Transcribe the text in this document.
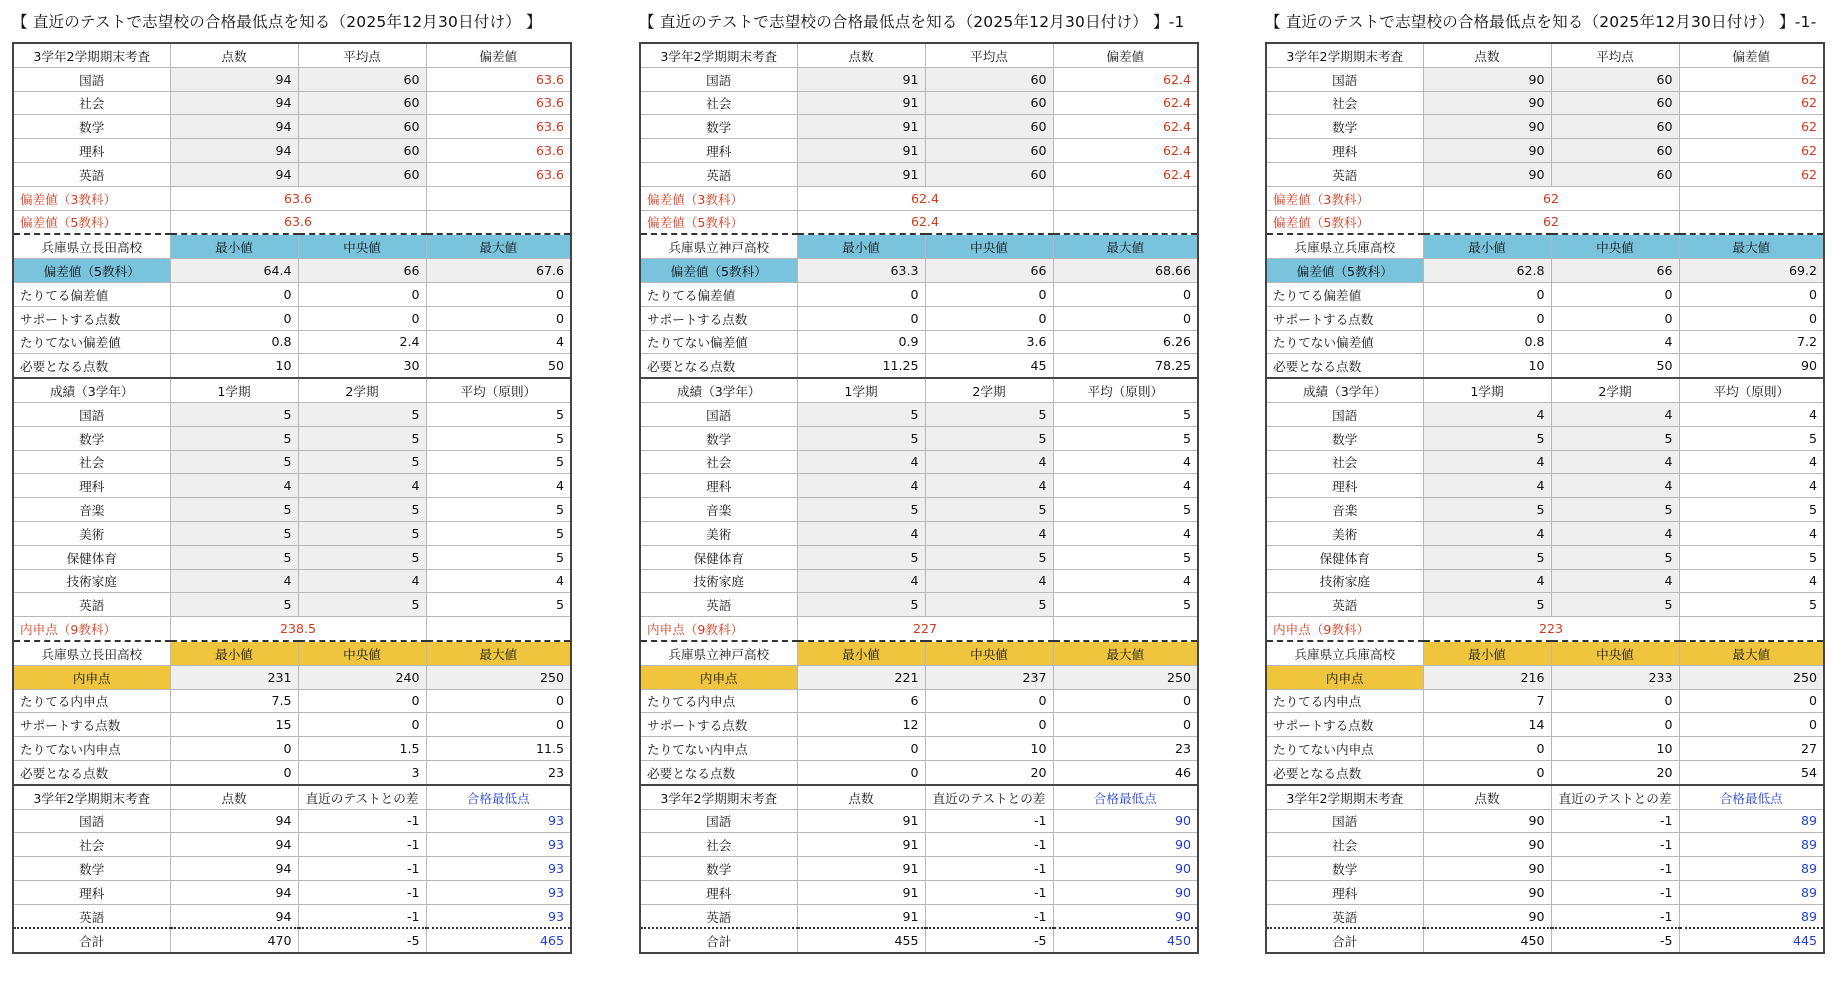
【 直近のテストで志望校の合格最低点を知る（2025年12月30日付け） 】
3学年2学期期末考査	点数	平均点	偏差値
国語	94	60	63.6
社会	94	60	63.6
数学	94	60	63.6
理科	94	60	63.6
英語	94	60	63.6
偏差値（3教科）	63.6		
偏差値（5教科）	63.6		
兵庫県立長田高校	最小値	中央値	最大値
偏差値（5教科）	64.4	66	67.6
たりてる偏差値	0	0	0
サポートする点数	0	0	0
たりてない偏差値	0.8	2.4	4
必要となる点数	10	30	50
成績（3学年）	1学期	2学期	平均（原則）
国語	5	5	5
数学	5	5	5
社会	5	5	5
理科	4	4	4
音楽	5	5	5
美術	5	5	5
保健体育	5	5	5
技術家庭	4	4	4
英語	5	5	5
内申点（9教科）	238.5		
兵庫県立長田高校	最小値	中央値	最大値
内申点	231	240	250
たりてる内申点	7.5	0	0
サポートする点数	15	0	0
たりてない内申点	0	1.5	11.5
必要となる点数	0	3	23
3学年2学期期末考査	点数	直近のテストとの差	合格最低点
国語	94	-1	93
社会	94	-1	93
数学	94	-1	93
理科	94	-1	93
英語	94	-1	93
合計	470	-5	465
【 直近のテストで志望校の合格最低点を知る（2025年12月30日付け） 】-1
3学年2学期期末考査	点数	平均点	偏差値
国語	91	60	62.4
社会	91	60	62.4
数学	91	60	62.4
理科	91	60	62.4
英語	91	60	62.4
偏差値（3教科）	62.4		
偏差値（5教科）	62.4		
兵庫県立神戸高校	最小値	中央値	最大値
偏差値（5教科）	63.3	66	68.66
たりてる偏差値	0	0	0
サポートする点数	0	0	0
たりてない偏差値	0.9	3.6	6.26
必要となる点数	11.25	45	78.25
成績（3学年）	1学期	2学期	平均（原則）
国語	5	5	5
数学	5	5	5
社会	4	4	4
理科	4	4	4
音楽	5	5	5
美術	4	4	4
保健体育	5	5	5
技術家庭	4	4	4
英語	5	5	5
内申点（9教科）	227		
兵庫県立神戸高校	最小値	中央値	最大値
内申点	221	237	250
たりてる内申点	6	0	0
サポートする点数	12	0	0
たりてない内申点	0	10	23
必要となる点数	0	20	46
3学年2学期期末考査	点数	直近のテストとの差	合格最低点
国語	91	-1	90
社会	91	-1	90
数学	91	-1	90
理科	91	-1	90
英語	91	-1	90
合計	455	-5	450
【 直近のテストで志望校の合格最低点を知る（2025年12月30日付け） 】-1-
3学年2学期期末考査	点数	平均点	偏差値
国語	90	60	62
社会	90	60	62
数学	90	60	62
理科	90	60	62
英語	90	60	62
偏差値（3教科）	62		
偏差値（5教科）	62		
兵庫県立兵庫高校	最小値	中央値	最大値
偏差値（5教科）	62.8	66	69.2
たりてる偏差値	0	0	0
サポートする点数	0	0	0
たりてない偏差値	0.8	4	7.2
必要となる点数	10	50	90
成績（3学年）	1学期	2学期	平均（原則）
国語	4	4	4
数学	5	5	5
社会	4	4	4
理科	4	4	4
音楽	5	5	5
美術	4	4	4
保健体育	5	5	5
技術家庭	4	4	4
英語	5	5	5
内申点（9教科）	223		
兵庫県立兵庫高校	最小値	中央値	最大値
内申点	216	233	250
たりてる内申点	7	0	0
サポートする点数	14	0	0
たりてない内申点	0	10	27
必要となる点数	0	20	54
3学年2学期期末考査	点数	直近のテストとの差	合格最低点
国語	90	-1	89
社会	90	-1	89
数学	90	-1	89
理科	90	-1	89
英語	90	-1	89
合計	450	-5	445
